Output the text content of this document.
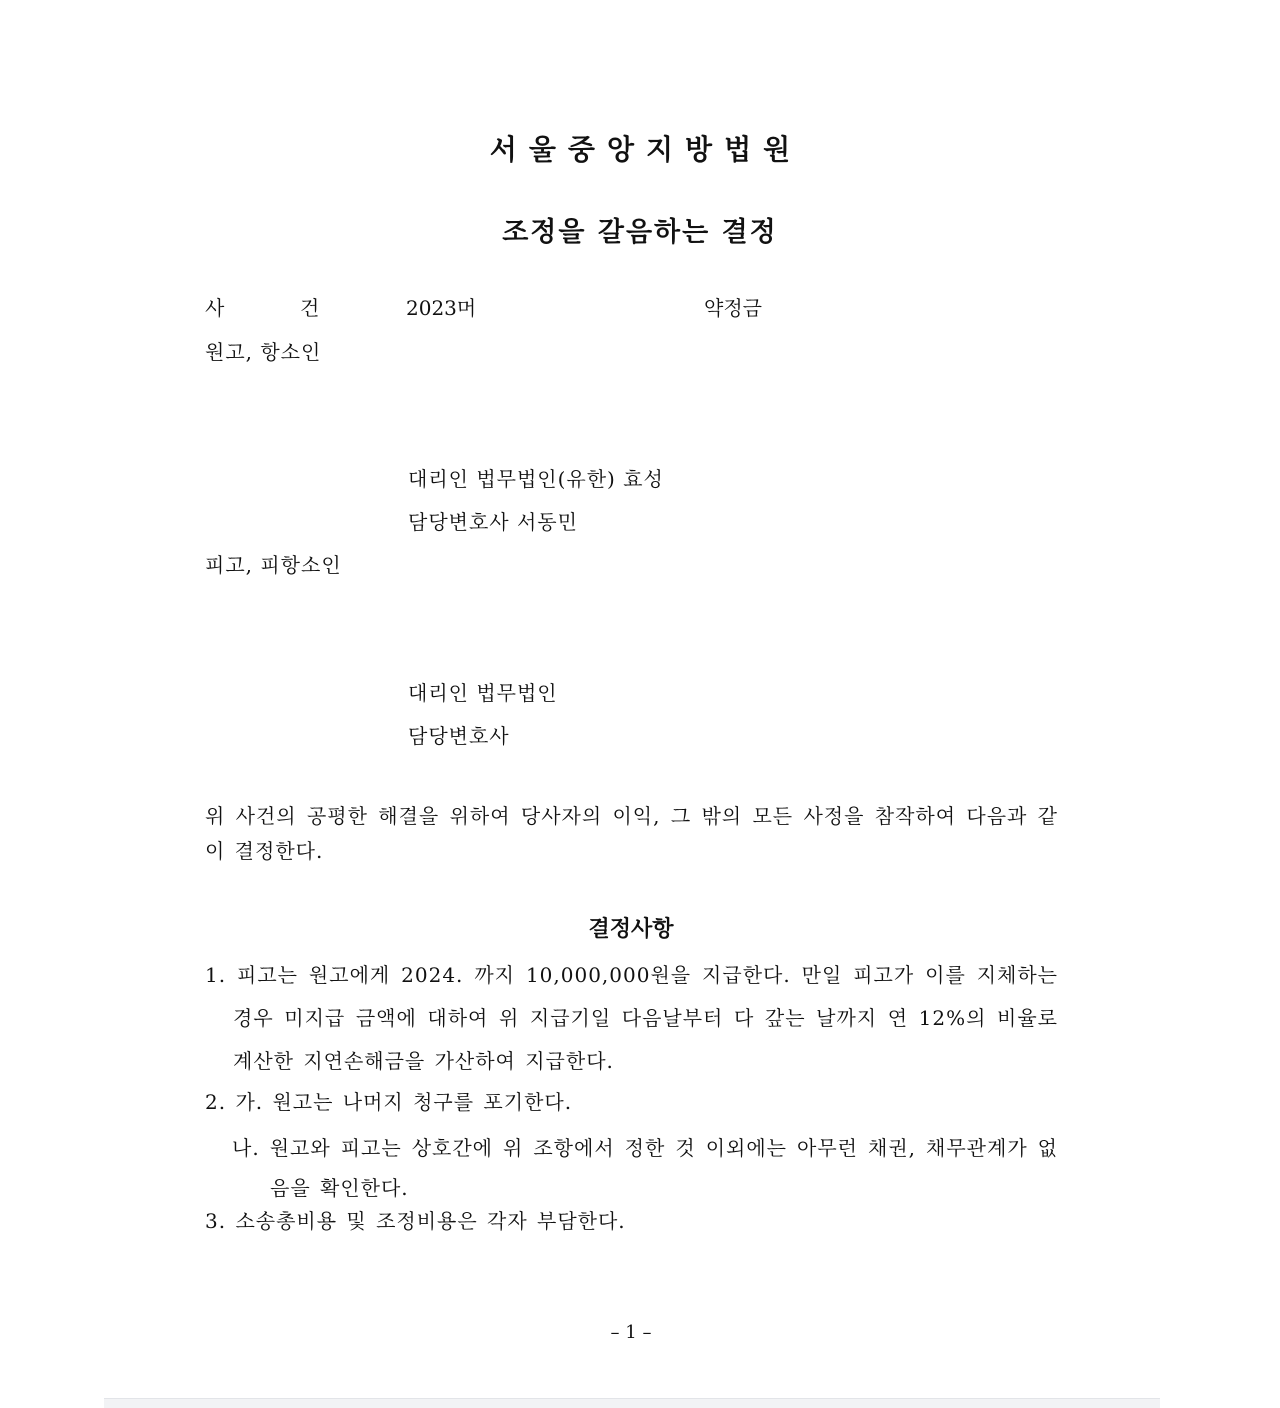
서울중앙지방법원
조정을 갈음하는 결정
사	건	2023머	약정금
원고, 항소인
대리인 법무법인(유한) 효성
담당변호사 서동민
피고, 피항소인
대리인 법무법인
담당변호사
위 사건의 공평한 해결을 위하여 당사자의 이익, 그 밖의 모든 사정을 참작하여 다음과 같이 결정한다.
결정사항
1. 피고는 원고에게 2024. 까지 10,000,000원을 지급한다. 만일 피고가 이를 지체하는 경우 미지급 금액에 대하여 위 지급기일 다음날부터 다 갚는 날까지 연 12%의 비율로 계산한 지연손해금을 가산하여 지급한다.
2. 가. 원고는 나머지 청구를 포기한다.
나. 원고와 피고는 상호간에 위 조항에서 정한 것 이외에는 아무런 채권, 채무관계가 없음을 확인한다.
3. 소송총비용 및 조정비용은 각자 부담한다.
– 1 –
